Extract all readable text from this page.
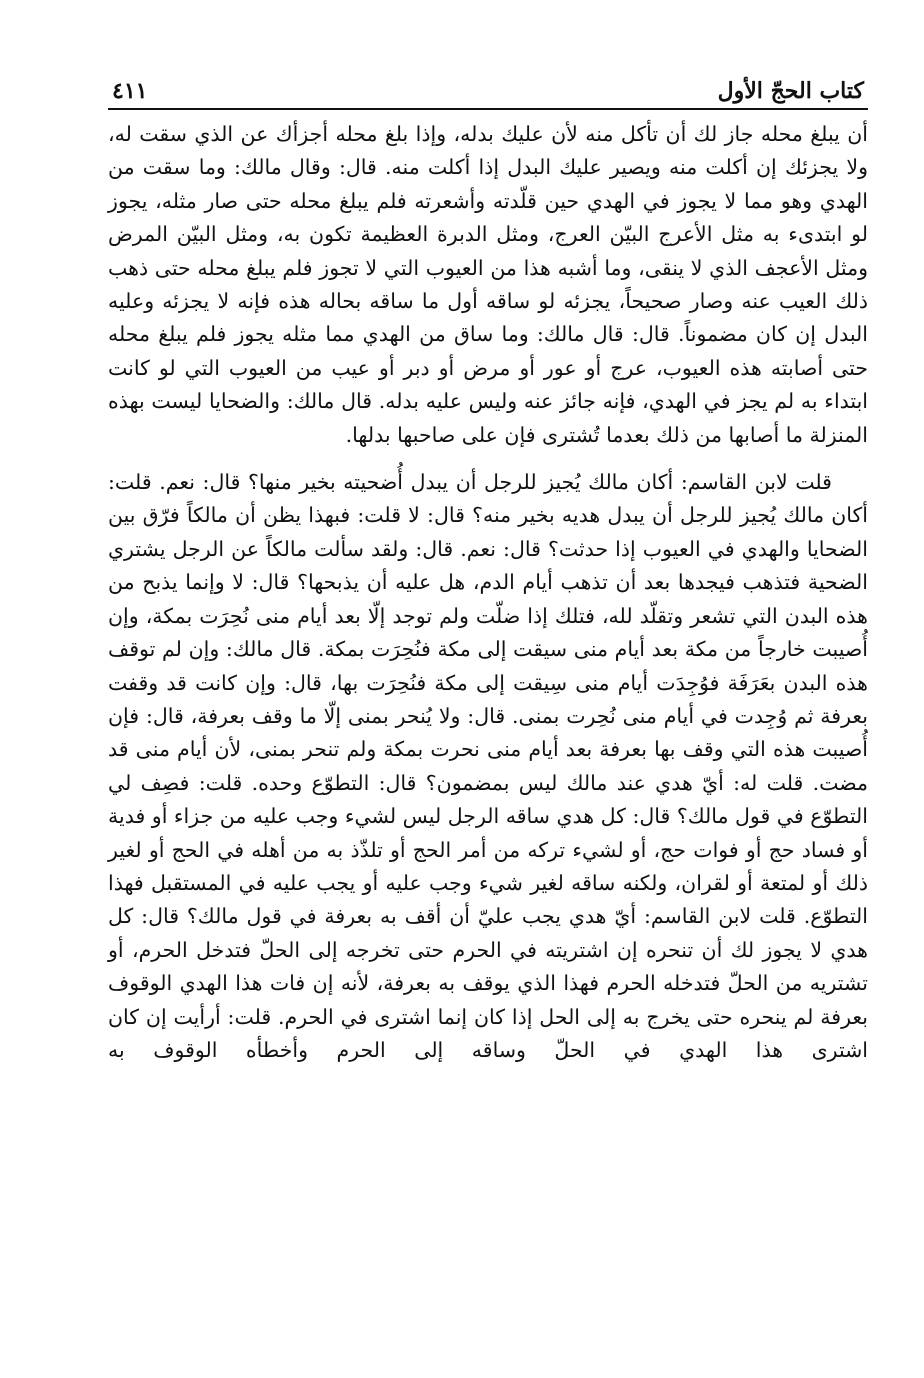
كتاب الحجّ الأول
٤١١

أن يبلغ محله جاز لك أن تأكل منه لأن عليك بدله، وإذا بلغ محله أجزأك عن الذي سقت له، ولا يجزئك إن أكلت منه ويصير عليك البدل إذا أكلت منه. قال: وقال مالك: وما سقت من الهدي وهو مما لا يجوز في الهدي حين قلّدته وأشعرته فلم يبلغ محله حتى صار مثله، يجوز لو ابتدىء به مثل الأعرج البيّن العرج، ومثل الدبرة العظيمة تكون به، ومثل البيّن المرض ومثل الأعجف الذي لا ينقى، وما أشبه هذا من العيوب التي لا تجوز فلم يبلغ محله حتى ذهب ذلك العيب عنه وصار صحيحاً، يجزئه لو ساقه أول ما ساقه بحاله هذه فإنه لا يجزئه وعليه البدل إن كان مضموناً. قال: قال مالك: وما ساق من الهدي مما مثله يجوز فلم يبلغ محله حتى أصابته هذه العيوب، عرج أو عور أو مرض أو دبر أو عيب من العيوب التي لو كانت ابتداء به لم يجز في الهدي، فإنه جائز عنه وليس عليه بدله. قال مالك: والضحايا ليست بهذه المنزلة ما أصابها من ذلك بعدما تُشترى فإن على صاحبها بدلها.

قلت لابن القاسم: أكان مالك يُجيز للرجل أن يبدل أُضحيته بخير منها؟ قال: نعم. قلت: أكان مالك يُجيز للرجل أن يبدل هديه بخير منه؟ قال: لا قلت: فبهذا يظن أن مالكاً فرّق بين الضحايا والهدي في العيوب إذا حدثت؟ قال: نعم. قال: ولقد سألت مالكاً عن الرجل يشتري الضحية فتذهب فيجدها بعد أن تذهب أيام الدم، هل عليه أن يذبحها؟ قال: لا وإنما يذبح من هذه البدن التي تشعر وتقلّد لله، فتلك إذا ضلّت ولم توجد إلّا بعد أيام منى نُحِرَت بمكة، وإن أُصيبت خارجاً من مكة بعد أيام منى سيقت إلى مكة فنُحِرَت بمكة. قال مالك: وإن لم توقف هذه البدن بعَرَفَة فوُجِدَت أيام منى سِيقت إلى مكة فنُحِرَت بها، قال: وإن كانت قد وقفت بعرفة ثم وُجِدت في أيام منى نُحِرت بمنى. قال: ولا يُنحر بمنى إلّا ما وقف بعرفة، قال: فإن أُصيبت هذه التي وقف بها بعرفة بعد أيام منى نحرت بمكة ولم تنحر بمنى، لأن أيام منى قد مضت. قلت له: أيّ هدي عند مالك ليس بمضمون؟ قال: التطوّع وحده. قلت: فصِف لي التطوّع في قول مالك؟ قال: كل هدي ساقه الرجل ليس لشيء وجب عليه من جزاء أو فدية أو فساد حج أو فوات حج، أو لشيء تركه من أمر الحج أو تلذّذ به من أهله في الحج أو لغير ذلك أو لمتعة أو لقران، ولكنه ساقه لغير شيء وجب عليه أو يجب عليه في المستقبل فهذا التطوّع. قلت لابن القاسم: أيّ هدي يجب عليّ أن أقف به بعرفة في قول مالك؟ قال: كل هدي لا يجوز لك أن تنحره إن اشتريته في الحرم حتى تخرجه إلى الحلّ فتدخل الحرم، أو تشتريه من الحلّ فتدخله الحرم فهذا الذي يوقف به بعرفة، لأنه إن فات هذا الهدي الوقوف بعرفة لم ينحره حتى يخرج به إلى الحل إذا كان إنما اشترى في الحرم. قلت: أرأيت إن كان اشترى هذا الهدي في الحلّ وساقه إلى الحرم وأخطأه الوقوف به
